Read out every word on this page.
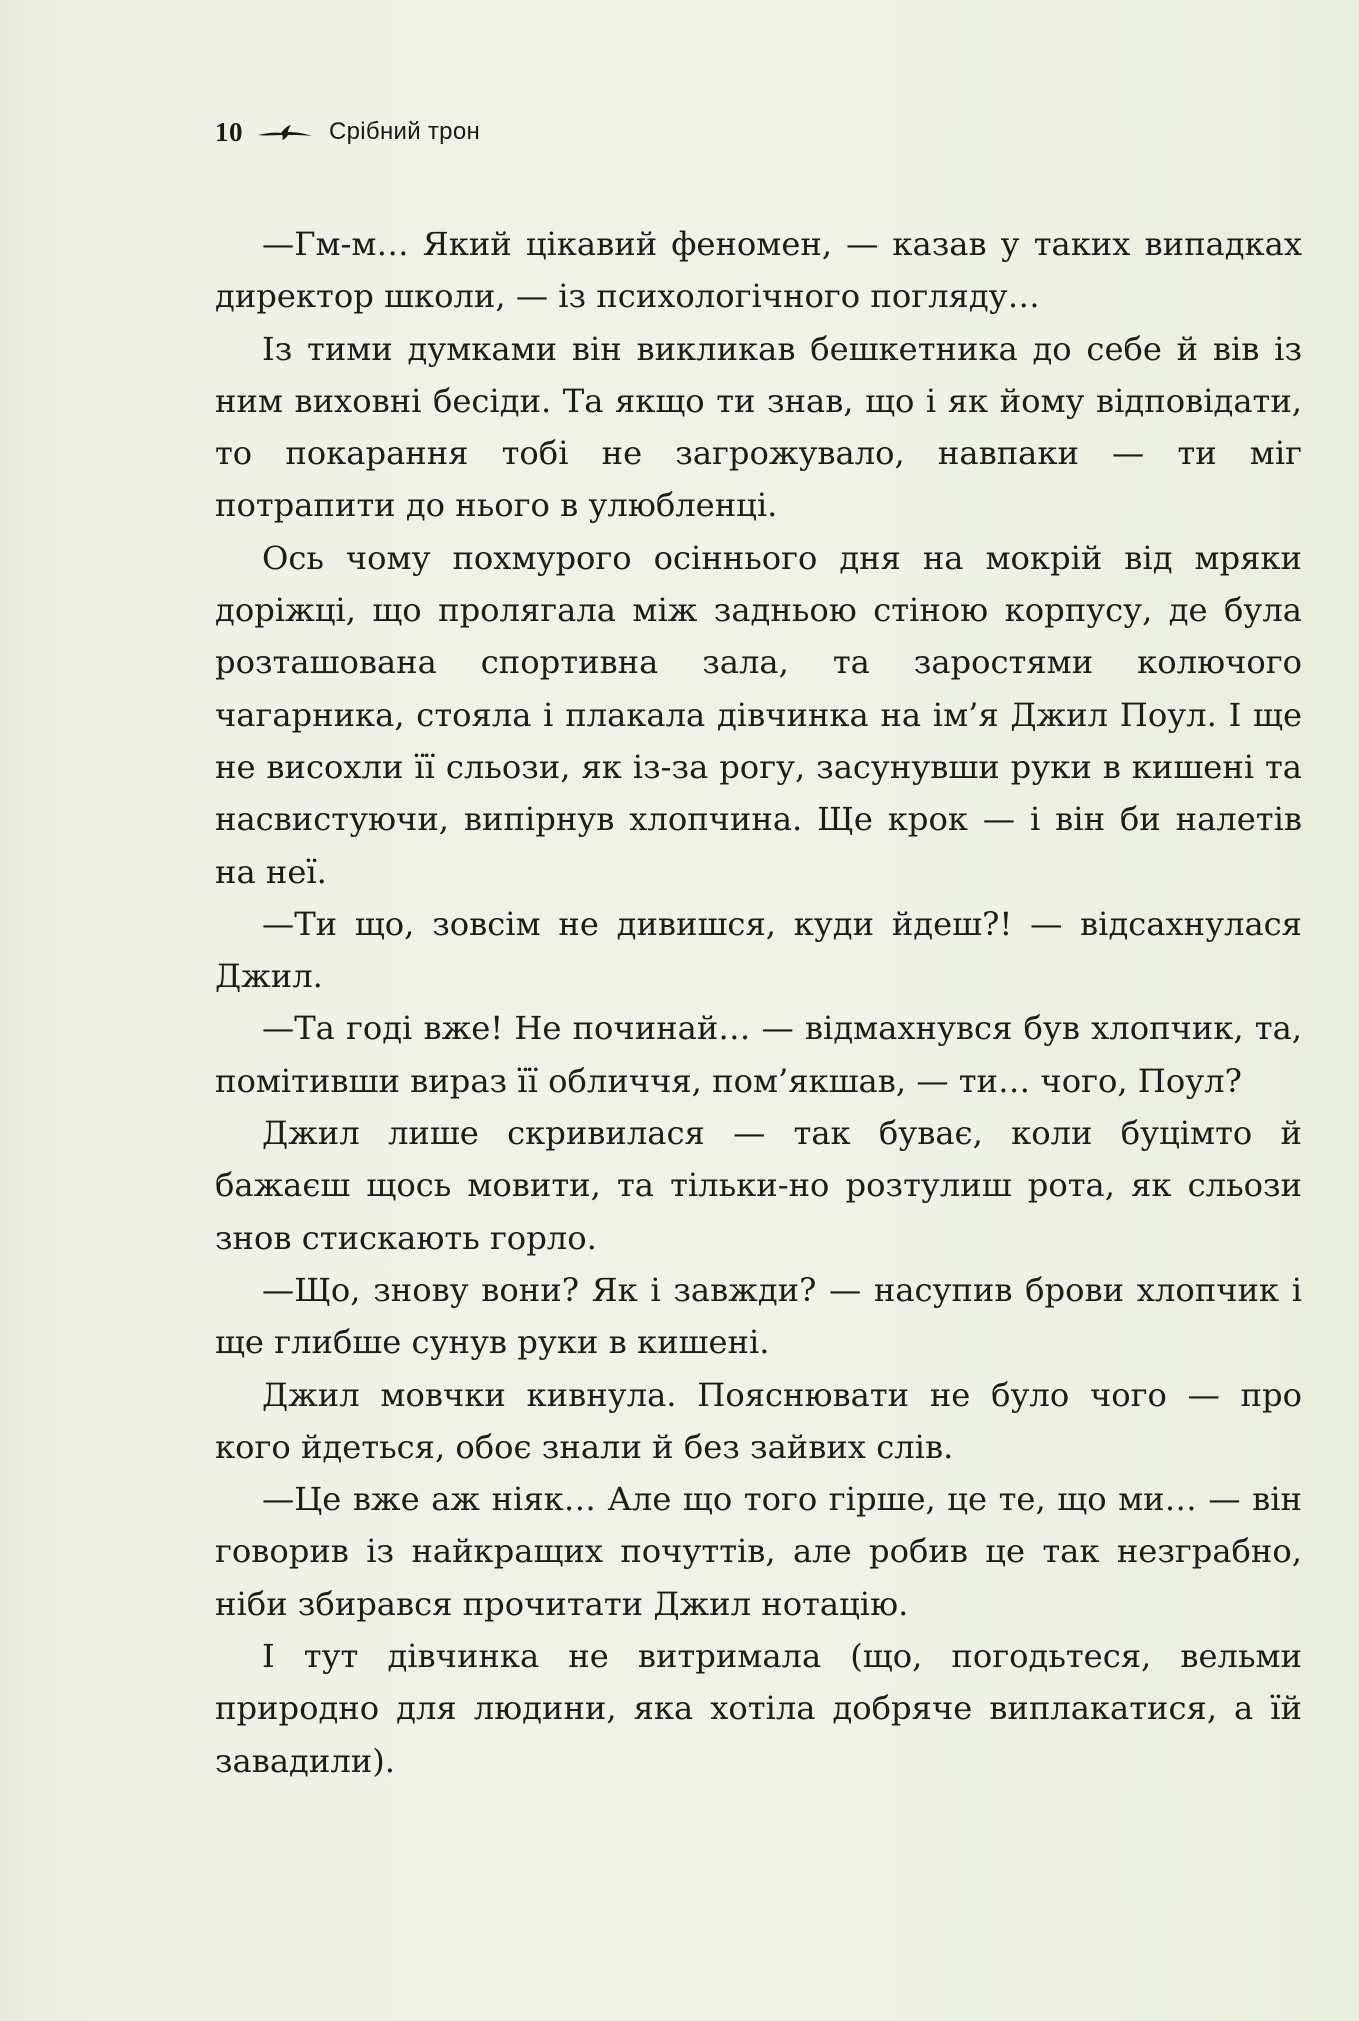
10	Срібний трон

—Гм-м… Який цікавий феномен, — казав у таких випадках директор школи, — із психологічного погляду…

Із тими думками він викликав бешкетника до себе й вів із ним виховні бесіди. Та якщо ти знав, що і як йому відповідати, то покарання тобі не загрожувало, навпаки — ти міг потрапити до нього в улюбленці.

Ось чому похмурого осіннього дня на мокрій від мряки доріжці, що пролягала між задньою стіною корпусу, де була розташована спортивна зала, та заростями колючого чагарника, стояла і плакала дівчинка на ім’я Джил Поул. І ще не висохли її сльози, як із-за рогу, засунувши руки в кишені та насвистуючи, випірнув хлопчина. Ще крок — і він би налетів на неї.

—Ти що, зовсім не дивишся, куди йдеш?! — відсахнулася Джил.

—Та годі вже! Не починай… — відмахнувся був хлопчик, та, помітивши вираз її обличчя, пом’якшав, — ти… чого, Поул?

Джил лише скривилася — так буває, коли буцімто й бажаєш щось мовити, та тільки-но розтулиш рота, як сльози знов стискають горло.

—Що, знову вони? Як і завжди? — насупив брови хлопчик і ще глибше сунув руки в кишені.

Джил мовчки кивнула. Пояснювати не було чого — про кого йдеться, обоє знали й без зайвих слів.

—Це вже аж ніяк… Але що того гірше, це те, що ми… — він говорив із найкращих почуттів, але робив це так незграбно, ніби збирався прочитати Джил нотацію.

І тут дівчинка не витримала (що, погодьтеся, вельми природно для людини, яка хотіла добряче виплакатися, а їй завадили).
